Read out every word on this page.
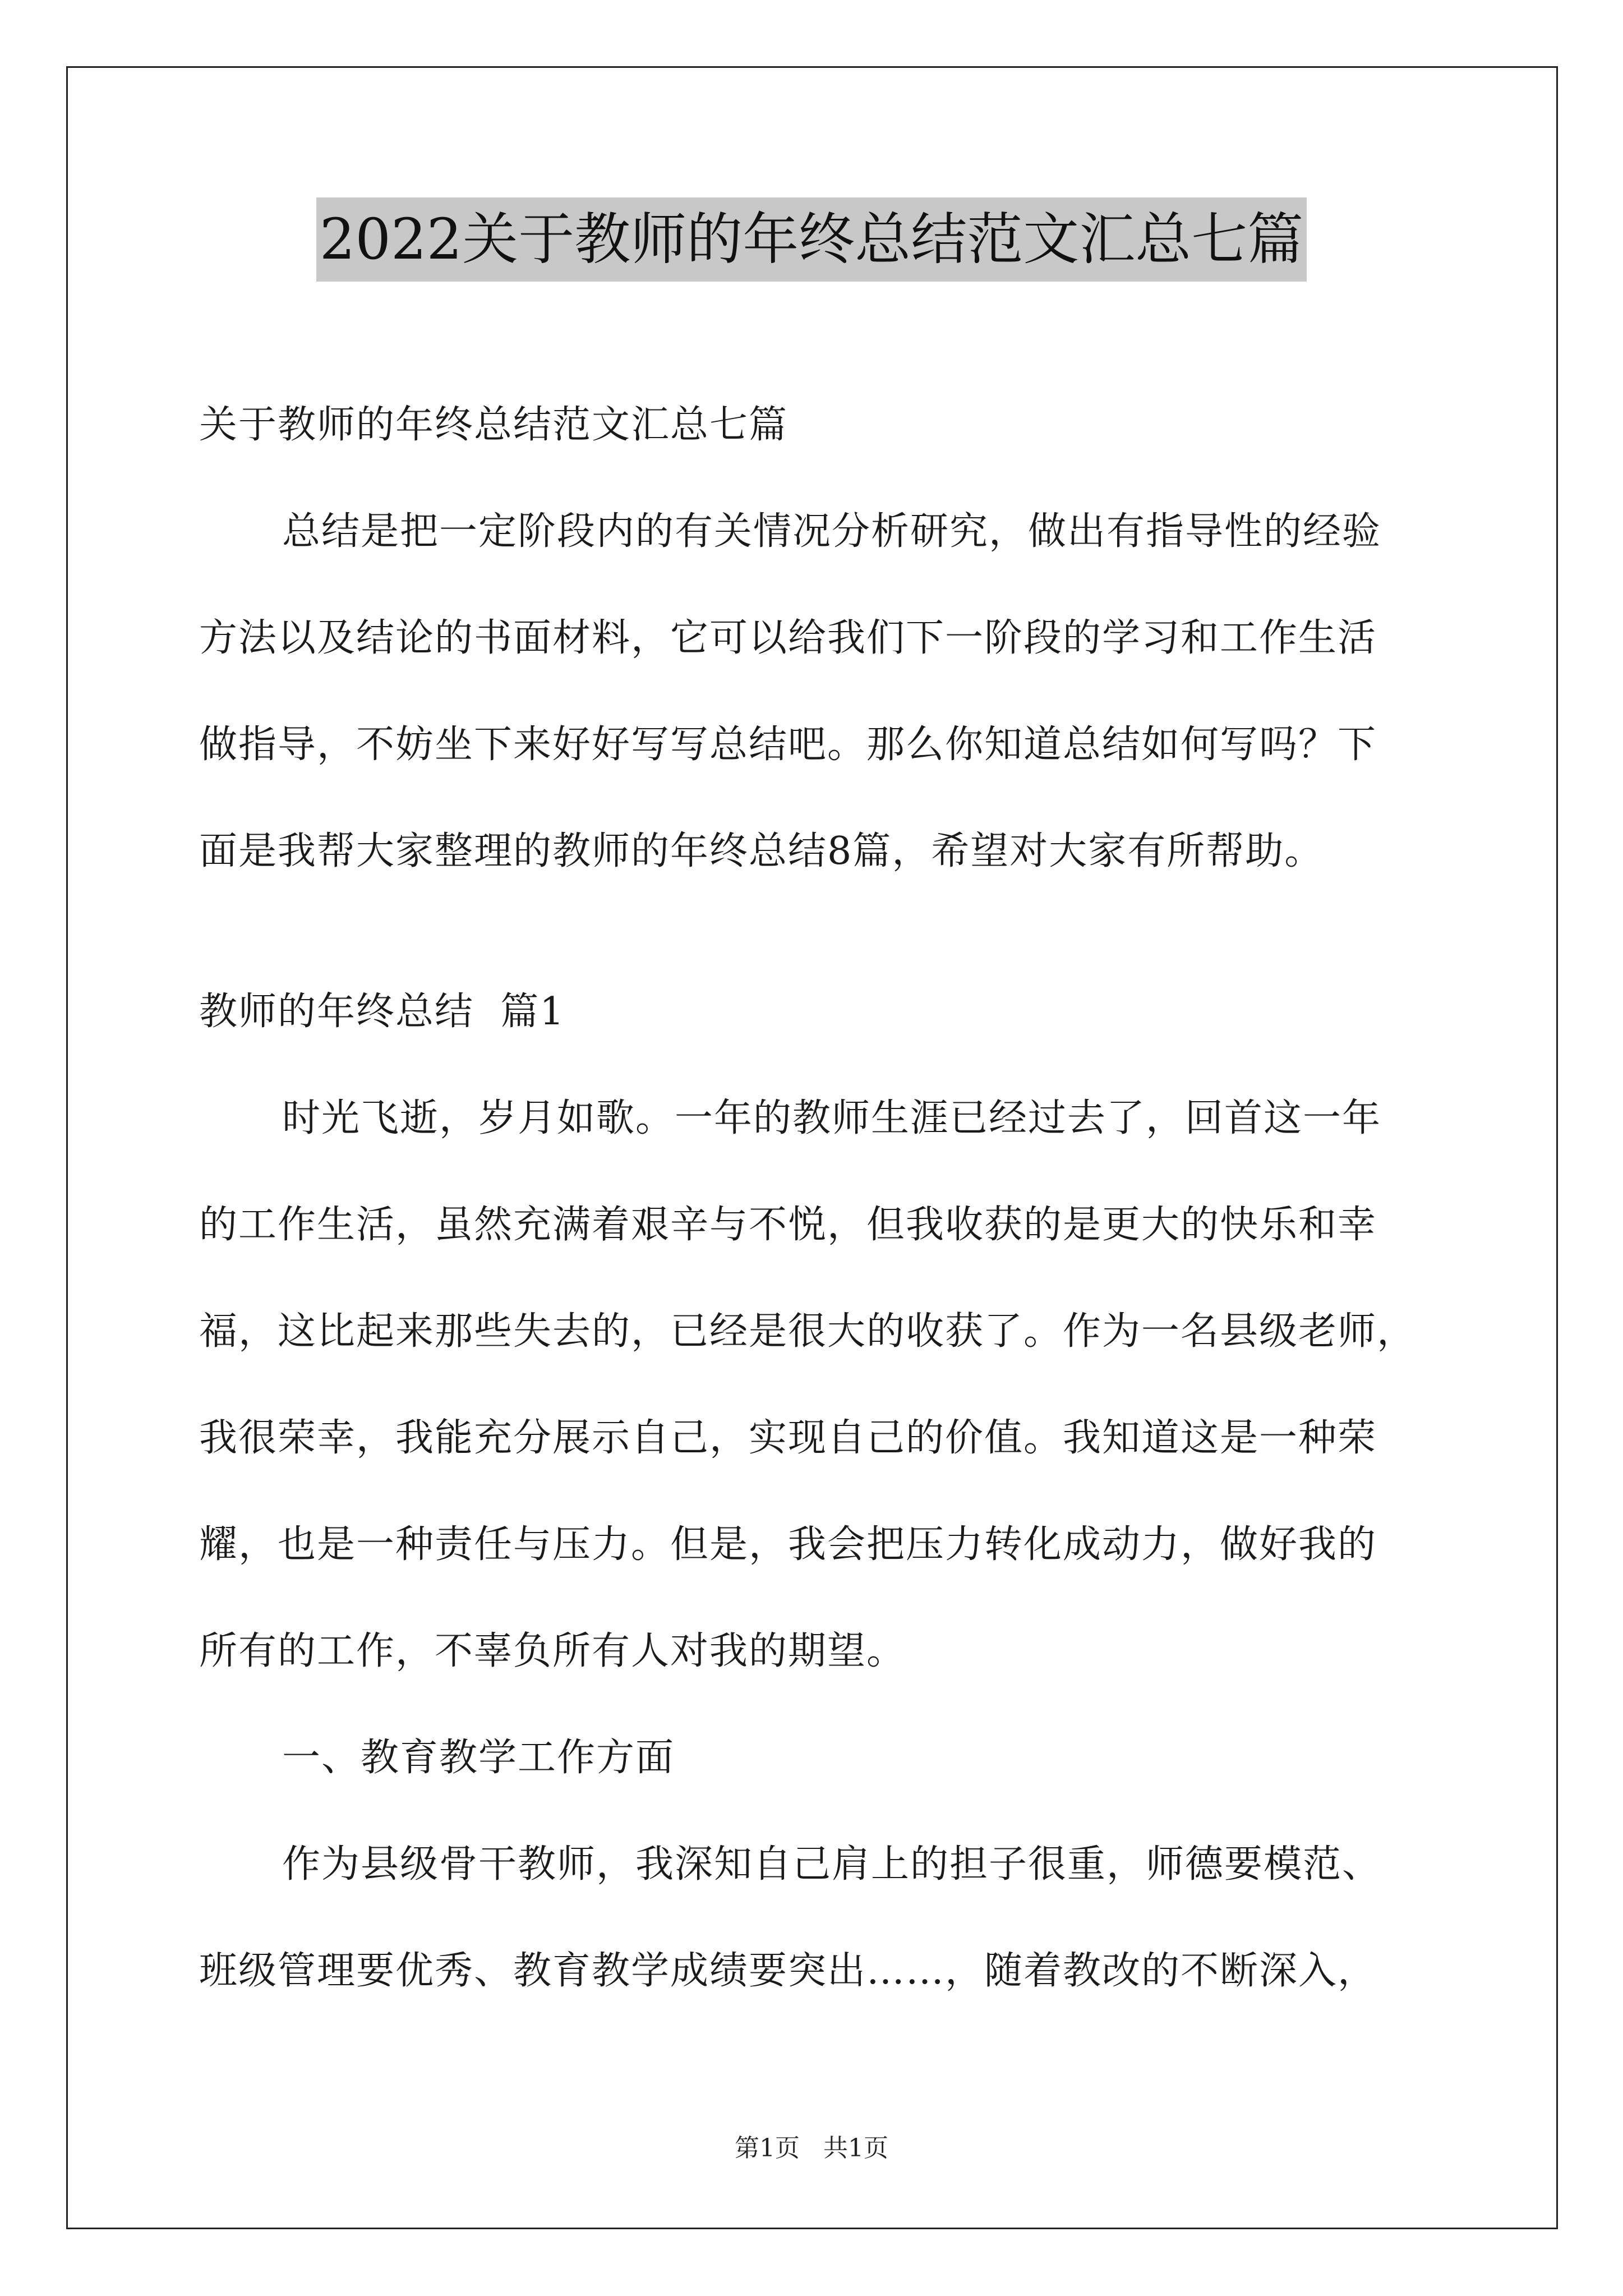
2022关于教师的年终总结范文汇总七篇

关于教师的年终总结范文汇总七篇

总结是把一定阶段内的有关情况分析研究，做出有指导性的经验

方法以及结论的书面材料，它可以给我们下一阶段的学习和工作生活

做指导，不妨坐下来好好写写总结吧。那么你知道总结如何写吗？下

面是我帮大家整理的教师的年终总结8篇，希望对大家有所帮助。

教师的年终总结  篇1

时光飞逝，岁月如歌。一年的教师生涯已经过去了，回首这一年

的工作生活，虽然充满着艰辛与不悦，但我收获的是更大的快乐和幸

福，这比起来那些失去的，已经是很大的收获了。作为一名县级老师，

我很荣幸，我能充分展示自己，实现自己的价值。我知道这是一种荣

耀，也是一种责任与压力。但是，我会把压力转化成动力，做好我的

所有的工作，不辜负所有人对我的期望。

一、教育教学工作方面

作为县级骨干教师，我深知自己肩上的担子很重，师德要模范、

班级管理要优秀、教育教学成绩要突出……，随着教改的不断深入，

第1页 共1页
